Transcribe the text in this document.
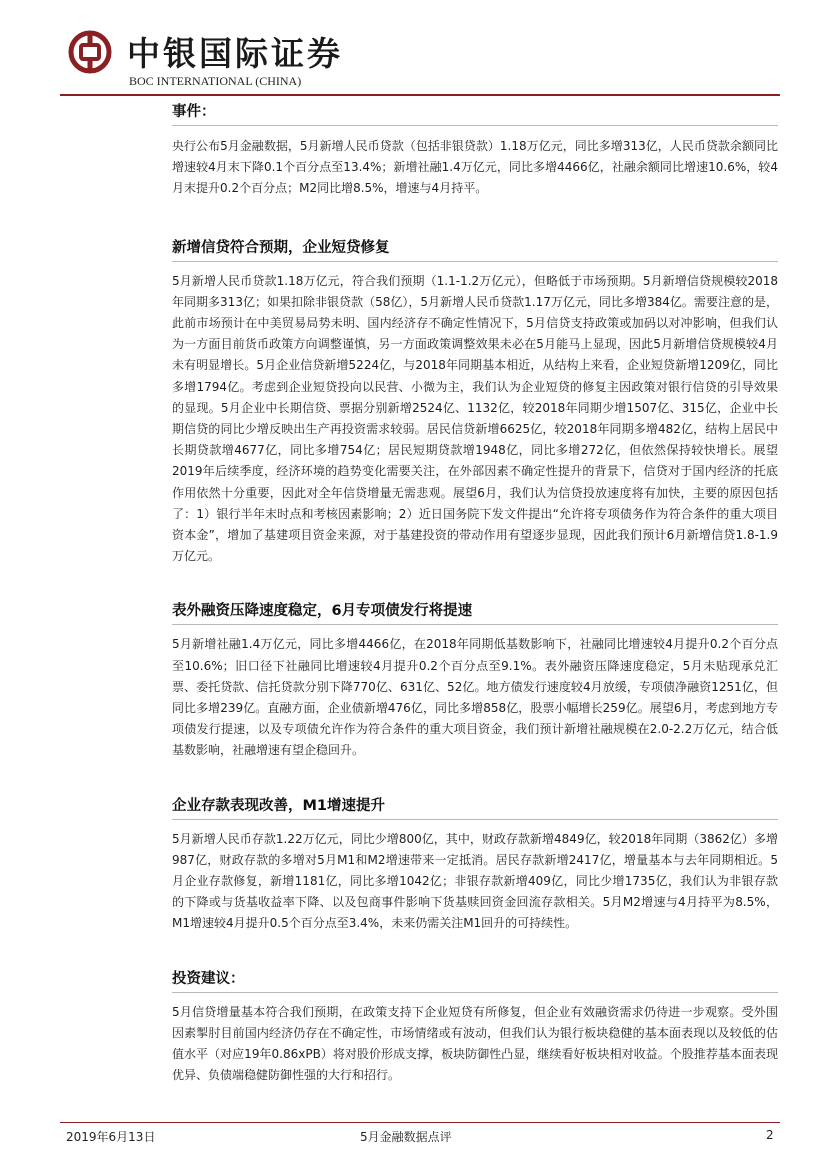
中银国际证券
BOC INTERNATIONAL (CHINA)
事件：

央行公布5月金融数据，5月新增人民币贷款（包括非银贷款）1.18万亿元，同比多增313亿，人民币贷款余额同比增速较4月末下降0.1个百分点至13.4%；新增社融1.4万亿元，同比多增4466亿，社融余额同比增速10.6%，较4月末提升0.2个百分点；M2同比增8.5%，增速与4月持平。

新增信贷符合预期，企业短贷修复

5月新增人民币贷款1.18万亿元，符合我们预期（1.1-1.2万亿元），但略低于市场预期。5月新增信贷规模较2018年同期多313亿；如果扣除非银贷款（58亿），5月新增人民币贷款1.17万亿元，同比多增384亿。需要注意的是，此前市场预计在中美贸易局势未明、国内经济存不确定性情况下，5月信贷支持政策或加码以对冲影响，但我们认为一方面目前货币政策方向调整谨慎，另一方面政策调整效果未必在5月能马上显现，因此5月新增信贷规模较4月未有明显增长。5月企业信贷新增5224亿，与2018年同期基本相近，从结构上来看，企业短贷新增1209亿，同比多增1794亿。考虑到企业短贷投向以民营、小微为主，我们认为企业短贷的修复主因政策对银行信贷的引导效果的显现。5月企业中长期信贷、票据分别新增2524亿、1132亿，较2018年同期少增1507亿、315亿，企业中长期信贷的同比少增反映出生产再投资需求较弱。居民信贷新增6625亿，较2018年同期多增482亿，结构上居民中长期贷款增4677亿，同比多增754亿；居民短期贷款增1948亿，同比多增272亿，但依然保持较快增长。展望2019年后续季度，经济环境的趋势变化需要关注，在外部因素不确定性提升的背景下，信贷对于国内经济的托底作用依然十分重要，因此对全年信贷增量无需悲观。展望6月，我们认为信贷投放速度将有加快，主要的原因包括了：1）银行半年末时点和考核因素影响；2）近日国务院下发文件提出“允许将专项债务作为符合条件的重大项目资本金”，增加了基建项目资金来源，对于基建投资的带动作用有望逐步显现，因此我们预计6月新增信贷1.8-1.9万亿元。

表外融资压降速度稳定，6月专项债发行将提速

5月新增社融1.4万亿元，同比多增4466亿，在2018年同期低基数影响下，社融同比增速较4月提升0.2个百分点至10.6%；旧口径下社融同比增速较4月提升0.2个百分点至9.1%。表外融资压降速度稳定，5月未贴现承兑汇票、委托贷款、信托贷款分别下降770亿、631亿、52亿。地方债发行速度较4月放缓，专项债净融资1251亿，但同比多增239亿。直融方面，企业债新增476亿，同比多增858亿，股票小幅增长259亿。展望6月，考虑到地方专项债发行提速，以及专项债允许作为符合条件的重大项目资金，我们预计新增社融规模在2.0-2.2万亿元，结合低基数影响，社融增速有望企稳回升。

企业存款表现改善，M1增速提升

5月新增人民币存款1.22万亿元，同比少增800亿，其中，财政存款新增4849亿，较2018年同期（3862亿）多增987亿，财政存款的多增对5月M1和M2增速带来一定抵消。居民存款新增2417亿，增量基本与去年同期相近。5月企业存款修复，新增1181亿，同比多增1042亿；非银存款新增409亿，同比少增1735亿，我们认为非银存款的下降或与货基收益率下降、以及包商事件影响下货基赎回资金回流存款相关。5月M2增速与4月持平为8.5%，M1增速较4月提升0.5个百分点至3.4%，未来仍需关注M1回升的可持续性。

投资建议：

5月信贷增量基本符合我们预期，在政策支持下企业短贷有所修复，但企业有效融资需求仍待进一步观察。受外围因素掣肘目前国内经济仍存在不确定性，市场情绪或有波动，但我们认为银行板块稳健的基本面表现以及较低的估值水平（对应19年0.86xPB）将对股价形成支撑，板块防御性凸显，继续看好板块相对收益。个股推荐基本面表现优异、负债端稳健防御性强的大行和招行。

2019年6月13日	5月金融数据点评	2
